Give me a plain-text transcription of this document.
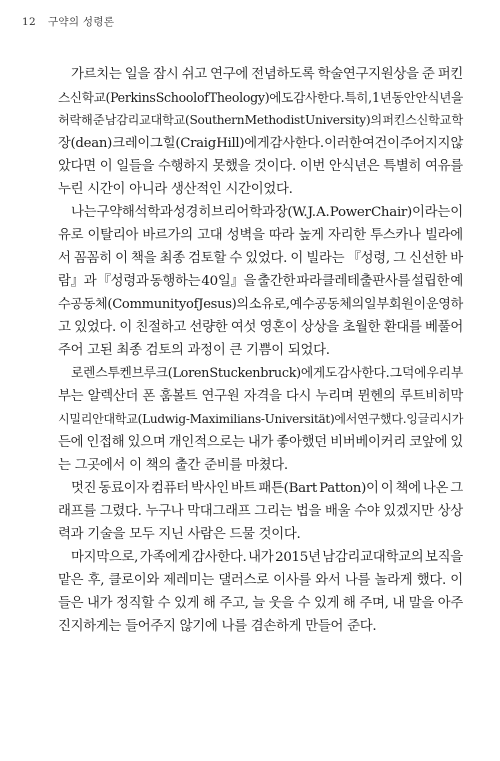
12 구약의 성령론
가르치는 일을 잠시 쉬고 연구에 전념하도록 학술연구지원상을 준 퍼킨
스신학교(Perkins School of Theology)에도 감사한다. 특히, 1년 동안 안식년을
허락해 준 남감리교대학교(Southern Methodist University)의 퍼킨스신학교 학
장(dean) 크레이그 힐(Craig Hill)에게 감사한다. 이러한 여건이 주어지지 않
았다면 이 일들을 수행하지 못했을 것이다. 이번 안식년은 특별히 여유를
누린 시간이 아니라 생산적인 시간이었다.
나는 구약해석학과 성경 히브리어 학과장(W. J. A. Power Chair)이라는 이
유로 이탈리아 바르가의 고대 성벽을 따라 높게 자리한 투스카나 빌라에
서 꼼꼼히 이 책을 최종 검토할 수 있었다. 이 빌라는 『성령, 그 신선한 바
람』과 『성령과 동행하는 40일』을 출간한 파라클레테출판사를 설립한 예
수공동체(Community of Jesus)의 소유로, 예수공동체의 일부 회원이 운영하
고 있었다. 이 친절하고 선량한 여섯 영혼이 상상을 초월한 환대를 베풀어
주어 고된 최종 검토의 과정이 큰 기쁨이 되었다.
로렌 스투켄브루크(Loren Stuckenbruck)에게도 감사한다. 그 덕에 우리 부
부는 알렉산더 폰 훔볼트 연구원 자격을 다시 누리며 뮌헨의 루트비히막
시밀리안대학교(Ludwig-Maximilians-Universität)에서 연구했다. 잉글리시가
든에 인접해 있으며 개인적으로는 내가 좋아했던 비버베이커리 코앞에 있
는 그곳에서 이 책의 출간 준비를 마쳤다.
멋진 동료이자 컴퓨터 박사인 바트 패튼(Bart Patton)이 이 책에 나온 그
래프를 그렸다. 누구나 막대그래프 그리는 법을 배울 수야 있겠지만 상상
력과 기술을 모두 지닌 사람은 드물 것이다.
마지막으로, 가족에게 감사한다. 내가 2015년 남감리교대학교의 보직을
맡은 후, 클로이와 제레미는 댈러스로 이사를 와서 나를 놀라게 했다. 이
들은 내가 정직할 수 있게 해 주고, 늘 웃을 수 있게 해 주며, 내 말을 아주
진지하게는 들어주지 않기에 나를 겸손하게 만들어 준다.
